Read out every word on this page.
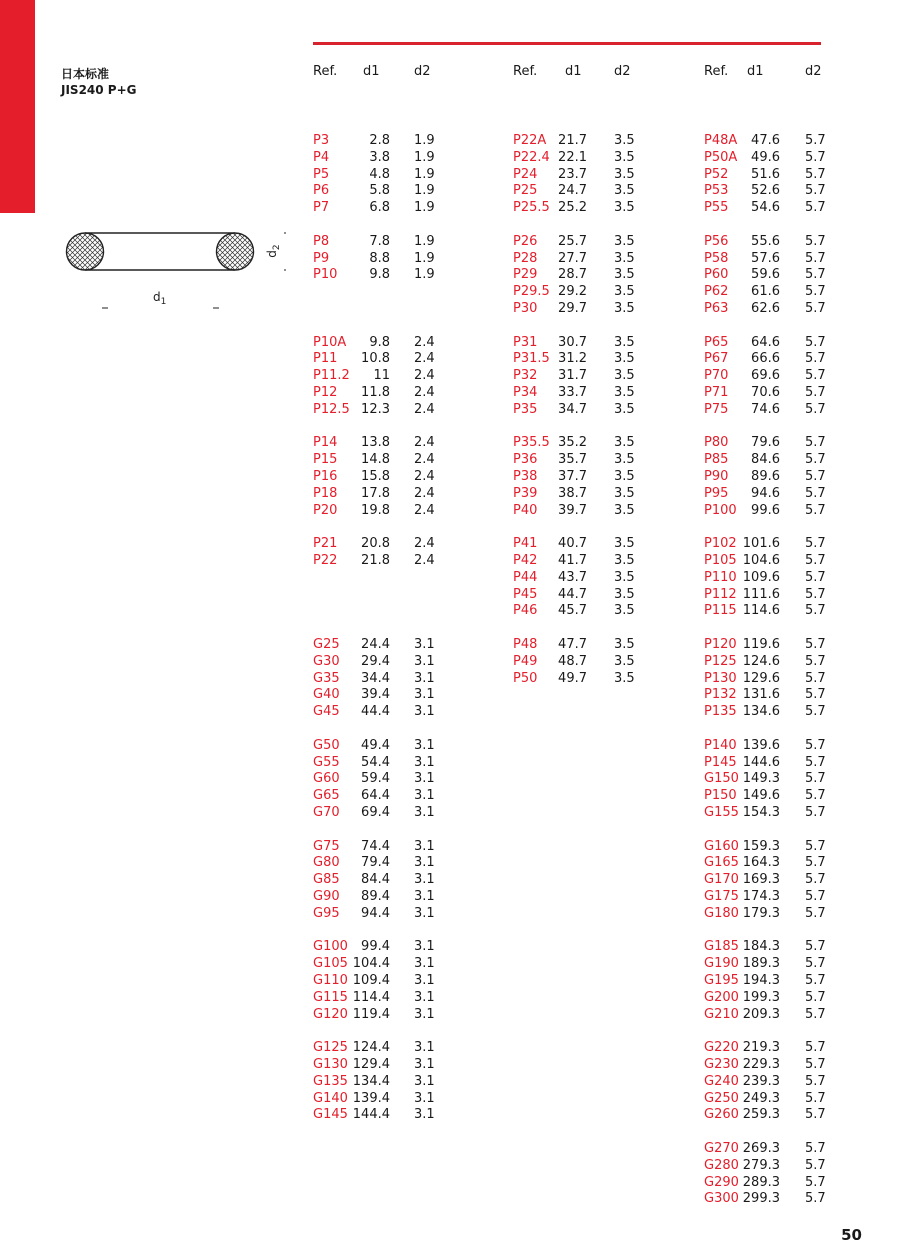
日本标准
JIS240 P+G
$d_2$
$d_1$
Ref. d1	d2
P3	2.8 1.9
P4	3.8 1.9
P5	4.8 1.9
P6	5.8 1.9
P7	6.8 1.9
P8	7.8 1.9
P9	8.8 1.9
P10 9.8 1.9
P10A 9.8 2.4
P11 10.8 2.4
P11.2 11 2.4
P12 11.8 2.4
P12.5 12.3 2.4
P14 13.8 2.4
P15 14.8 2.4
P16 15.8 2.4
P18 17.8 2.4
P20 19.8 2.4
P21 20.8 2.4
P22 21.8 2.4
G25 24.4 3.1
G30 29.4 3.1
G35 34.4 3.1
G40 39.4 3.1
G45 44.4 3.1
G50 49.4 3.1
G55 54.4 3.1
G60 59.4 3.1
G65 64.4 3.1
G70 69.4 3.1
G75 74.4 3.1
G80 79.4 3.1
G85 84.4 3.1
G90 89.4 3.1
G95 94.4 3.1
G100 99.4 3.1
G105 104.4 3.1
G110 109.4 3.1
G115 114.4 3.1
G120 119.4 3.1
G125 124.4 3.1
G130 129.4 3.1
G135 134.4 3.1
G140 139.4 3.1
G145 144.4 3.1
Ref. d1 d2
P22A 21.7 3.5
P22.4 22.1 3.5
P24 23.7 3.5
P25 24.7 3.5
P25.5 25.2 3.5
P26 25.7 3.5
P28 27.7 3.5
P29 28.7 3.5
P29.5 29.2 3.5
P30 29.7 3.5
P31 30.7 3.5
P31.5 31.2 3.5
P32 31.7 3.5
P34 33.7 3.5
P35 34.7 3.5
P35.5 35.2 3.5
P36 35.7 3.5
P38 37.7 3.5
P39 38.7 3.5
P40 39.7 3.5
P41 40.7 3.5
P42 41.7 3.5
P44 43.7 3.5
P45 44.7 3.5
P46 45.7 3.5
P48 47.7 3.5
P49 48.7 3.5
P50 49.7 3.5
Ref. d1	d2
P48A 47.6 5.7
P50A 49.6 5.7
P52 51.6 5.7
P53 52.6 5.7
P55 54.6 5.7
P56 55.6 5.7
P58 57.6 5.7
P60 59.6 5.7
P62 61.6 5.7
P63 62.6 5.7
P65 64.6 5.7
P67 66.6 5.7
P70 69.6 5.7
P71 70.6 5.7
P75 74.6 5.7
P80 79.6 5.7
P85 84.6 5.7
P90 89.6 5.7
P95 94.6 5.7
P100 99.6 5.7
P102 101.6 5.7
P105 104.6 5.7
P110 109.6 5.7
P112 111.6 5.7
P115 114.6 5.7
P120 119.6 5.7
P125 124.6 5.7
P130 129.6 5.7
P132 131.6 5.7
P135 134.6 5.7
P140 139.6 5.7
P145 144.6 5.7
G150 149.3 5.7
P150 149.6 5.7
G155 154.3 5.7
G160 159.3 5.7
G165 164.3 5.7
G170 169.3 5.7
G175 174.3 5.7
G180 179.3 5.7
G185 184.3 5.7
G190 189.3 5.7
G195 194.3 5.7
G200 199.3 5.7
G210 209.3 5.7
G220 219.3 5.7
G230 229.3 5.7
G240 239.3 5.7
G250 249.3 5.7
G260 259.3 5.7
G270 269.3 5.7
G280 279.3 5.7
G290 289.3 5.7
G300 299.3 5.7
50
